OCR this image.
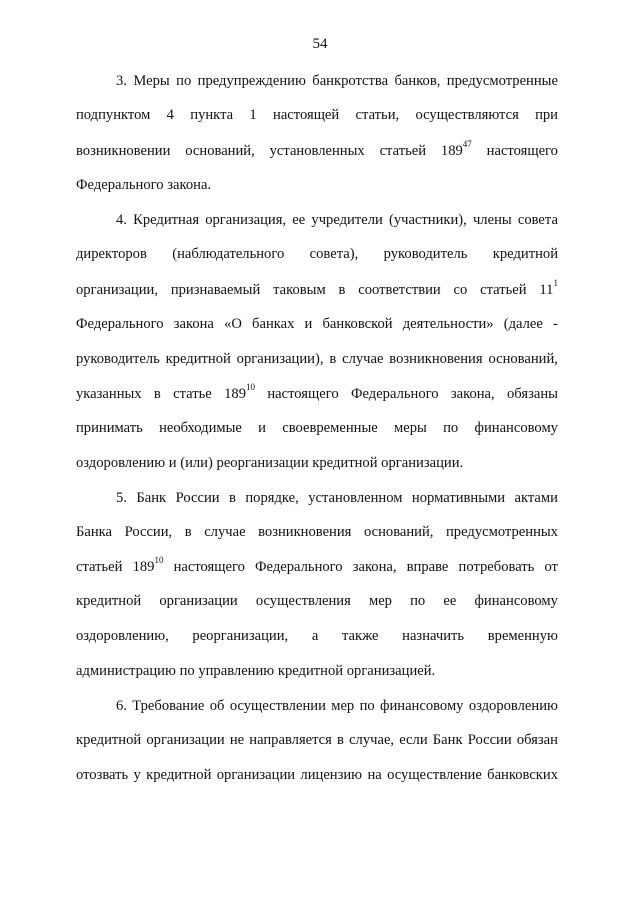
54
3. Меры по предупреждению банкротства банков, предусмотренные
подпунктом 4 пункта 1 настоящей статьи, осуществляются при
возникновении оснований, установленных статьей $189^{47}$ настоящего
Федерального закона.
4. Кредитная организация, ее учредители (участники), члены совета
директоров (наблюдательного совета), руководитель кредитной
организации, признаваемый таковым в соответствии со статьей $11^1$
Федерального закона «О банках и банковской деятельности» (далее -
руководитель кредитной организации), в случае возникновения оснований,
указанных в статье $189^{10}$ настоящего Федерального закона, обязаны
принимать необходимые и своевременные меры по финансовому
оздоровлению и (или) реорганизации кредитной организации.
5. Банк России в порядке, установленном нормативными актами
Банка России, в случае возникновения оснований, предусмотренных
статьей $189^{10}$ настоящего Федерального закона, вправе потребовать от
кредитной организации осуществления мер по ее финансовому
оздоровлению, реорганизации, а также назначить временную
администрацию по управлению кредитной организацией.
6. Требование об осуществлении мер по финансовому оздоровлению
кредитной организации не направляется в случае, если Банк России обязан
отозвать у кредитной организации лицензию на осуществление банковских
